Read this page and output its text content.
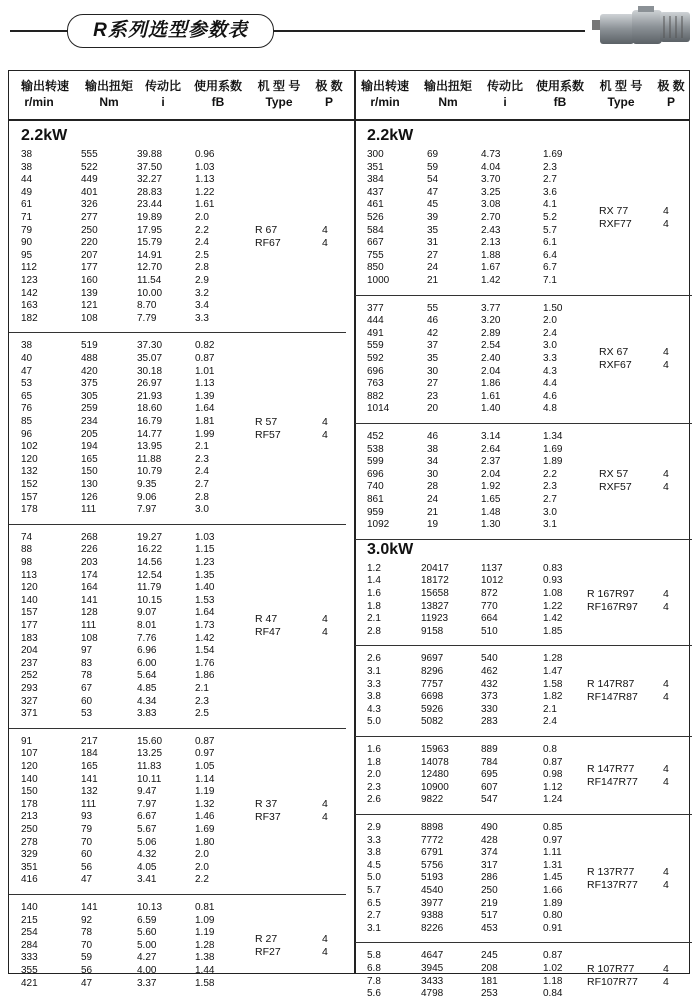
R系列选型参数表
输出转速	输出扭矩 传动比	使用系数	机 型 号	极 数
r/min	Nm	i	fB	Type	P
2.2kW
38	555	39.88	0.96
38	522	37.50	1.03
44	449	32.27	1.13
49	401	28.83	1.22
61	326	23.44	1.61
71	277	19.89	2.0
79	250	17.95	2.2
90	220	15.79	2.4
95	207	14.91	2.5
112	177	12.70	2.8
123	160	11.54	2.9
142	139	10.00	3.2
163	121	8.70	3.4
182	108	7.79	3.3
R 67	4
RF67	4
38	519	37.30	0.82
40	488	35.07	0.87
47	420	30.18	1.01
53	375	26.97	1.13
65	305	21.93	1.39
76	259	18.60	1.64
85	234	16.79	1.81
96	205	14.77	1.99
102	194	13.95	2.1
120	165	11.88	2.3
132	150	10.79	2.4
152	130	9.35	2.7
157	126	9.06	2.8
178	111	7.97	3.0
R 57	4
RF57	4
74	268	19.27	1.03
88	226	16.22	1.15
98	203	14.56	1.23
113	174	12.54	1.35
120	164	11.79	1.40
140	141	10.15	1.53
157	128	9.07	1.64
177	111	8.01	1.73
183	108	7.76	1.42
204	97	6.96	1.54
237	83	6.00	1.76
252	78	5.64	1.86
293	67	4.85	2.1
327	60	4.34	2.3
371	53	3.83	2.5
R 47	4
RF47	4
91	217	15.60	0.87
107	184	13.25	0.97
120	165	11.83	1.05
140	141	10.11	1.14
150	132	9.47	1.19
178	111	7.97	1.32
213	93	6.67	1.46
250	79	5.67	1.69
278	70	5.06	1.80
329	60	4.32	2.0
351	56	4.05	2.0
416	47	3.41	2.2
R 37	4
RF37	4
140	141	10.13	0.81
215	92	6.59	1.09
254	78	5.60	1.19
284	70	5.00	1.28
333	59	4.27	1.38
355	56	4.00	1.44
421	47	3.37	1.58
R 27	4
RF27	4
输出转速	输出扭矩	传动比	使用系数	机 型 号	极 数
r/min	Nm	i	fB	Type	P
2.2kW
300	69	4.73	1.69
351	59	4.04	2.3
384	54	3.70	2.7
437	47	3.25	3.6
461	45	3.08	4.1
526	39	2.70	5.2
584	35	2.43	5.7
667	31	2.13	6.1
755	27	1.88	6.4
850	24	1.67	6.7
1000	21	1.42	7.1
RX 77	4
RXF77	4
377	55	3.77	1.50
444	46	3.20	2.0
491	42	2.89	2.4
559	37	2.54	3.0
592	35	2.40	3.3
696	30	2.04	4.3
763	27	1.86	4.4
882	23	1.61	4.6
1014	20	1.40	4.8
RX 67	4
RXF67	4
452	46	3.14	1.34
538	38	2.64	1.69
599	34	2.37	1.89
696	30	2.04	2.2
740	28	1.92	2.3
861	24	1.65	2.7
959	21	1.48	3.0
1092	19	1.30	3.1
RX 57	4
RXF57	4
3.0kW
1.2	20417	1137	0.83
1.4	18172	1012	0.93
1.6	15658	872	1.08
1.8	13827	770	1.22
2.1	11923	664	1.42
2.8	9158	510	1.85
R 167R97	4
RF167R97 4
2.6	9697	540	1.28
3.1	8296	462	1.47
3.3	7757	432	1.58
3.8	6698	373	1.82
4.3	5926	330	2.1
5.0	5082	283	2.4
R 147R87	4
RF147R87 4
1.6	15963	889	0.8
1.8	14078	784	0.87
2.0	12480	695	0.98
2.3	10900	607	1.12
2.6	9822	547	1.24
R 147R77	4
RF147R77 4
2.9	8898	490	0.85
3.3	7772	428	0.97
3.8	6791	374	1.11
4.5	5756	317	1.31
5.0	5193	286	1.45
5.7	4540	250	1.66
6.5	3977	219	1.89
2.7	9388	517	0.80
3.1	8226	453	0.91
R 137R77	4
RF137R77 4
5.8	4647	245	0.87
6.8	3945	208	1.02
7.8	3433	181	1.18
5.6	4798	253	0.84
R 107R77	4
RF107R77 4
